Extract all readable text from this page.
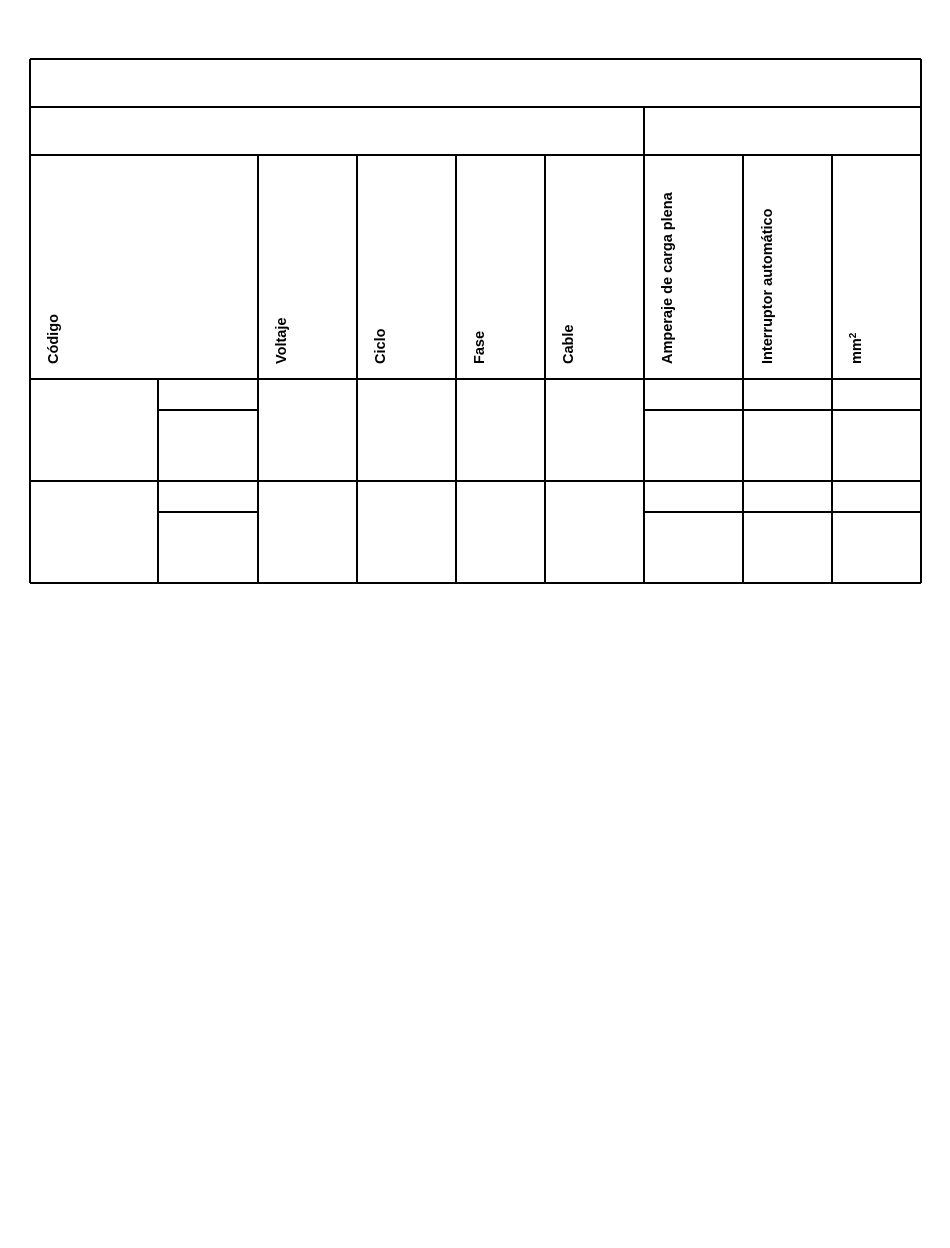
Código	Voltaje	Ciclo	Fase	Cable	Amperaje de carga plena	Interruptor automático	$mm^2$
